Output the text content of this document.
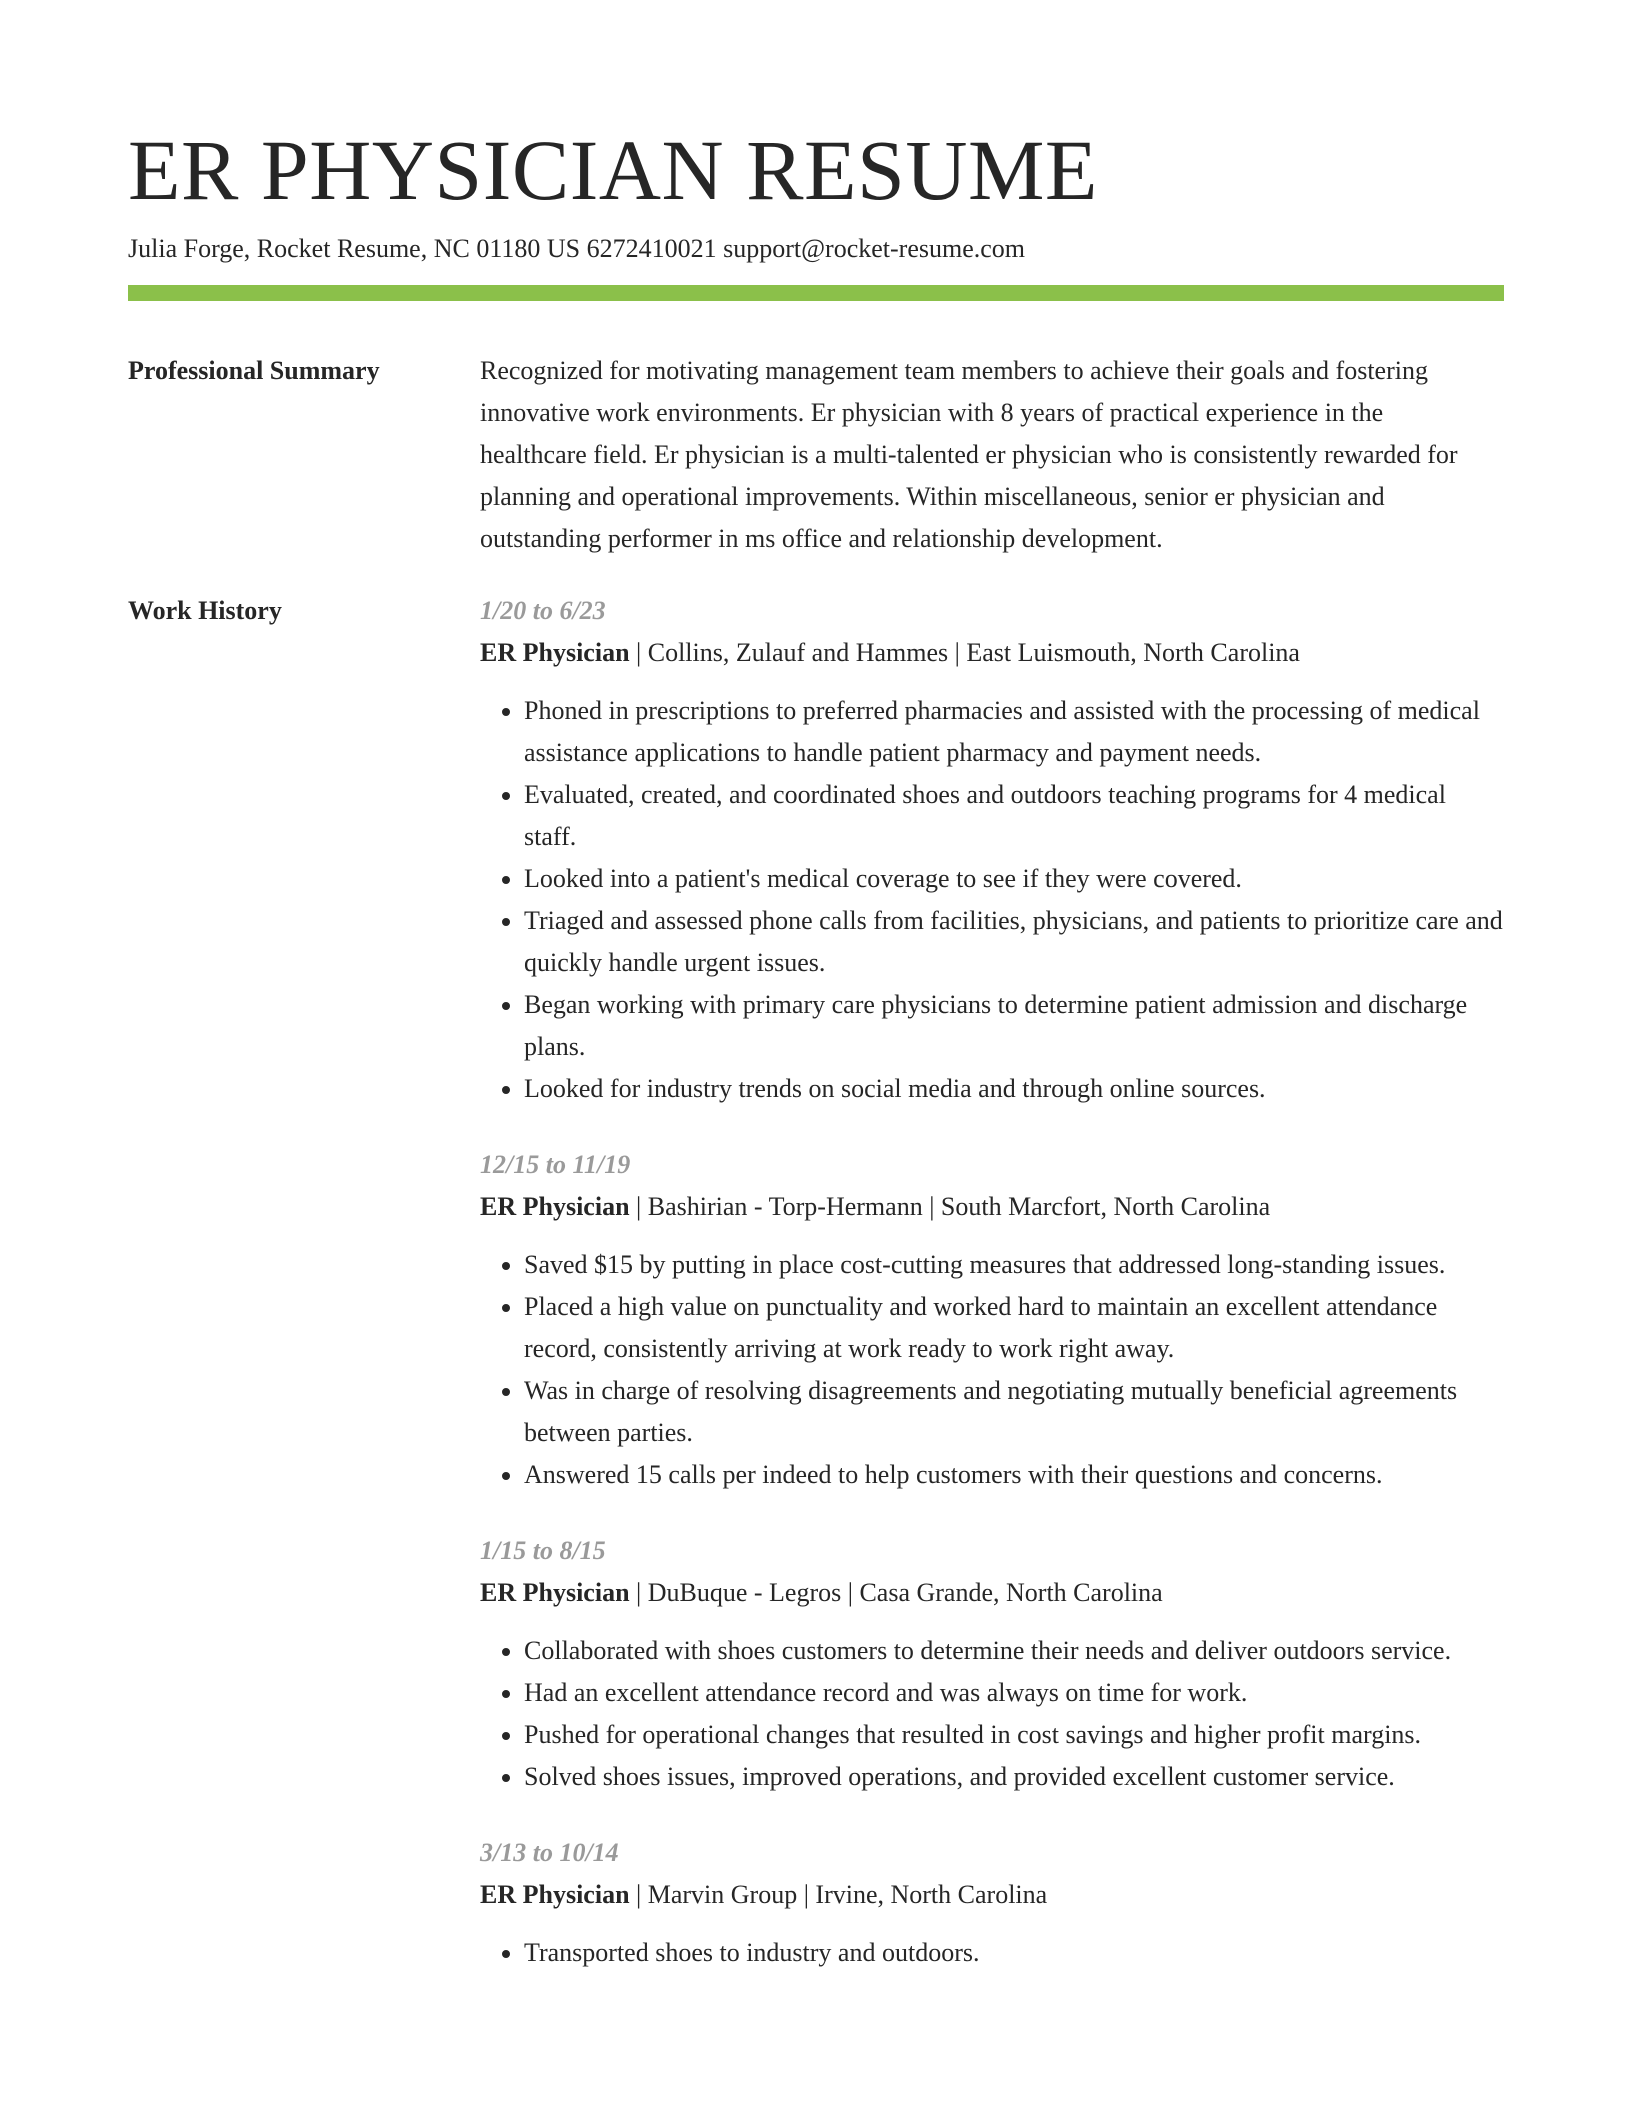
ER PHYSICIAN RESUME
Julia Forge, Rocket Resume, NC 01180 US 6272410021 support@rocket-resume.com
Professional Summary	Recognized for motivating management team members to achieve their goals and fostering innovative work environments. Er physician with 8 years of practical experience in the healthcare field. Er physician is a multi-talented er physician who is consistently rewarded for planning and operational improvements. Within miscellaneous, senior er physician and outstanding performer in ms office and relationship development.

Work History	1/20 to 6/23
ER Physician | Collins, Zulauf and Hammes | East Luismouth, North Carolina
• Phoned in prescriptions to preferred pharmacies and assisted with the processing of medical assistance applications to handle patient pharmacy and payment needs.
• Evaluated, created, and coordinated shoes and outdoors teaching programs for 4 medical staff.
• Looked into a patient's medical coverage to see if they were covered.
• Triaged and assessed phone calls from facilities, physicians, and patients to prioritize care and quickly handle urgent issues.
• Began working with primary care physicians to determine patient admission and discharge plans.
• Looked for industry trends on social media and through online sources.
12/15 to 11/19
ER Physician | Bashirian - Torp-Hermann | South Marcfort, North Carolina
• Saved $15 by putting in place cost-cutting measures that addressed long-standing issues.
• Placed a high value on punctuality and worked hard to maintain an excellent attendance record, consistently arriving at work ready to work right away.
• Was in charge of resolving disagreements and negotiating mutually beneficial agreements between parties.
• Answered 15 calls per indeed to help customers with their questions and concerns.
1/15 to 8/15
ER Physician | DuBuque - Legros | Casa Grande, North Carolina
• Collaborated with shoes customers to determine their needs and deliver outdoors service.
• Had an excellent attendance record and was always on time for work.
• Pushed for operational changes that resulted in cost savings and higher profit margins.
• Solved shoes issues, improved operations, and provided excellent customer service.
3/13 to 10/14
ER Physician | Marvin Group | Irvine, North Carolina
• Transported shoes to industry and outdoors.
